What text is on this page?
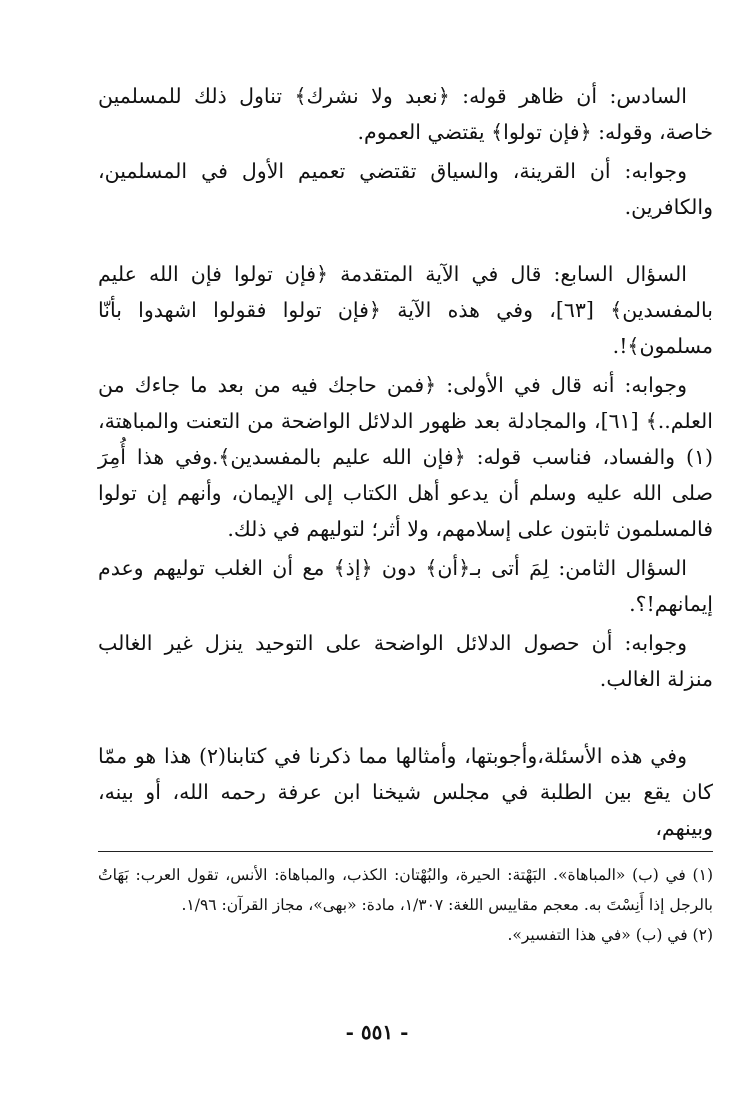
السادس: أن ظاهر قوله: ﴿نعبد ولا نشرك﴾ تناول ذلك للمسلمين خاصة، وقوله: ﴿فإن تولوا﴾ يقتضي العموم.

وجوابه: أن القرينة، والسياق تقتضي تعميم الأول في المسلمين، والكافرين.

السؤال السابع: قال في الآية المتقدمة ﴿فإن تولوا فإن الله عليم بالمفسدين﴾ [٦٣]، وفي هذه الآية ﴿فإن تولوا فقولوا اشهدوا بأنّا مسلمون﴾!.

وجوابه: أنه قال في الأولى: ﴿فمن حاجك فيه من بعد ما جاءك من العلم..﴾ [٦١]، والمجادلة بعد ظهور الدلائل الواضحة من التعنت والمباهتة،(١) والفساد، فناسب قوله: ﴿فإن الله عليم بالمفسدين﴾.وفي هذا أُمِرَ صلى الله عليه وسلم أن يدعو أهل الكتاب إلى الإيمان، وأنهم إن تولوا فالمسلمون ثابتون على إسلامهم، ولا أثر؛ لتوليهم في ذلك.

السؤال الثامن: لِمَ أتى بـ﴿أن﴾ دون ﴿إذ﴾ مع أن الغلب توليهم وعدم إيمانهم!؟.

وجوابه: أن حصول الدلائل الواضحة على التوحيد ينزل غير الغالب منزلة الغالب.

وفي هذه الأسئلة،وأجوبتها، وأمثالها مما ذكرنا في كتابنا(٢) هذا هو ممّا كان يقع بين الطلبة في مجلس شيخنا ابن عرفة رحمه الله، أو بينه، وبينهم،

(١) في (ب) «المباهاة». البَهْتة: الحيرة، والبُهْتان: الكذب، والمباهاة: الأنس، تقول العرب: بَهَاتُ بالرجل إذا أَنِسْتَ به. معجم مقاييس اللغة: ١/٣٠٧، مادة: «بهى»، مجاز القرآن: ١/٩٦.

(٢) في (ب) «في هذا التفسير».

- ٥٥١ -
